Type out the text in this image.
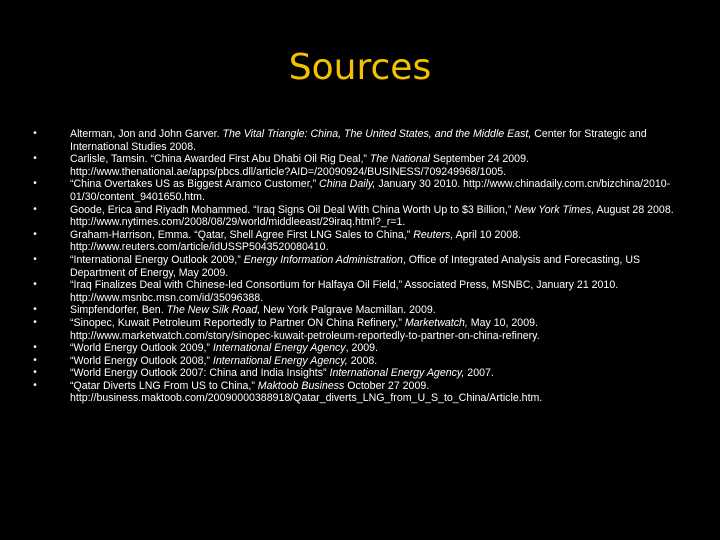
Sources
•	Alterman, Jon and John Garver. The Vital Triangle: China, The United States, and the Middle East, Center for Strategic and International Studies 2008.
•	Carlisle, Tamsin. “China Awarded First Abu Dhabi Oil Rig Deal,” The National September 24 2009. http://www.thenational.ae/apps/pbcs.dll/article?AID=/20090924/BUSINESS/709249968/1005.
•	“China Overtakes US as Biggest Aramco Customer,” China Daily, January 30 2010. http://www.chinadaily.com.cn/bizchina/2010-01/30/content_9401650.htm.
•	Goode, Erica and Riyadh Mohammed. “Iraq Signs Oil Deal With China Worth Up to $3 Billion,” New York Times, August 28 2008. http://www.nytimes.com/2008/08/29/world/middleeast/29iraq.html?_r=1.
•	Graham-Harrison, Emma. “Qatar, Shell Agree First LNG Sales to China,” Reuters, April 10 2008. http://www.reuters.com/article/idUSSP5043520080410.
•	“International Energy Outlook 2009,” Energy Information Administration, Office of Integrated Analysis and Forecasting, US Department of Energy, May 2009.
•	“Iraq Finalizes Deal with Chinese-led Consortium for Halfaya Oil Field,” Associated Press, MSNBC, January 21 2010. http://www.msnbc.msn.com/id/35096388.
•	Simpfendorfer, Ben. The New Silk Road, New York Palgrave Macmillan. 2009.
•	“Sinopec, Kuwait Petroleum Reportedly to Partner ON China Refinery,” Marketwatch, May 10, 2009. http://www.marketwatch.com/story/sinopec-kuwait-petroleum-reportedly-to-partner-on-china-refinery.
•	“World Energy Outlook 2009,” International Energy Agency, 2009.
•	“World Energy Outlook 2008,” International Energy Agency, 2008.
•	“World Energy Outlook 2007: China and India Insights” International Energy Agency, 2007.
•	“Qatar Diverts LNG From US to China,” Maktoob Business October 27 2009. http://business.maktoob.com/20090000388918/Qatar_diverts_LNG_from_U_S_to_China/Article.htm.
